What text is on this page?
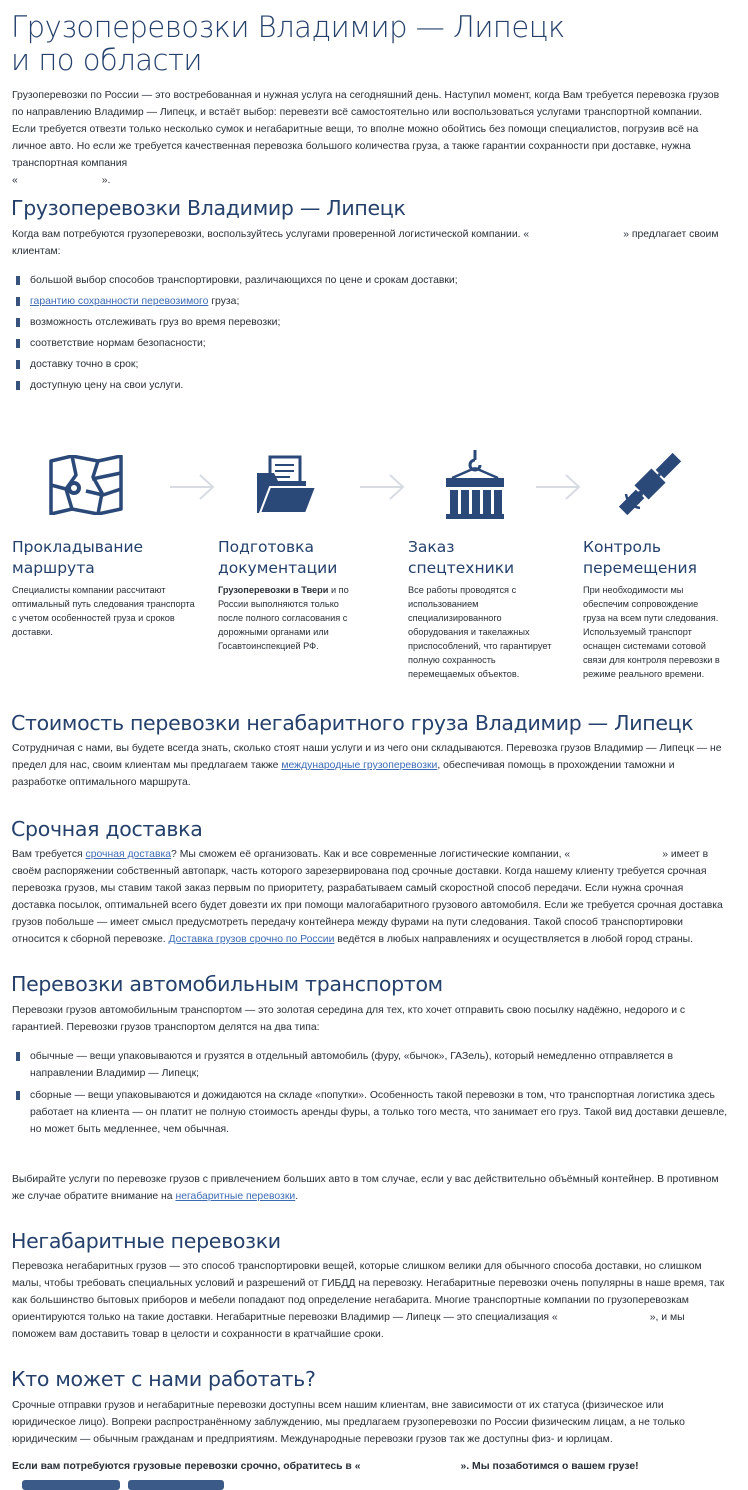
Грузоперевозки Владимир — Липецк
и по области

Грузоперевозки по России — это востребованная и нужная услуга на сегодняшний день. Наступил момент, когда Вам требуется перевозка грузов по направлению Владимир — Липецк, и встаёт выбор: перевезти всё самостоятельно или воспользоваться услугами транспортной компании. Если требуется отвезти только несколько сумок и негабаритные вещи, то вполне можно обойтись без помощи специалистов, погрузив всё на личное авто. Но если же требуется качественная перевозка большого количества груза, а также гарантии сохранности при доставке, нужна транспортная компания
«	».

Грузоперевозки Владимир — Липецк

Когда вам потребуются грузоперевозки, воспользуйтесь услугами проверенной логистической компании. «	» предлагает своим клиентам:

большой выбор способов транспортировки, различающихся по цене и срокам доставки;
гарантию сохранности перевозимого груза;
возможность отслеживать груз во время перевозки;
соответствие нормам безопасности;
доставку точно в срок;
доступную цену на свои услуги.

Прокладывание маршрута

Специалисты компании рассчитают оптимальный путь следования транспорта с учетом особенностей груза и сроков доставки.

Подготовка документации

Грузоперевозки в Твери и по России выполняются только после полного согласования с дорожными органами или Госавтоинспекцией РФ.

Заказ спецтехники

Все работы проводятся с использованием специализированного оборудования и такелажных приспособлений, что гарантирует полную сохранность перемещаемых объектов.

Контроль перемещения

При необходимости мы обеспечим сопровождение груза на всем пути следования. Используемый транспорт оснащен системами сотовой связи для контроля перевозки в режиме реального времени.

Стоимость перевозки негабаритного груза Владимир — Липецк

Сотрудничая с нами, вы будете всегда знать, сколько стоят наши услуги и из чего они складываются. Перевозка грузов Владимир — Липецк — не предел для нас, своим клиентам мы предлагаем также международные грузоперевозки, обеспечивая помощь в прохождении таможни и разработке оптимального маршрута.

Срочная доставка

Вам требуется срочная доставка? Мы сможем её организовать. Как и все современные логистические компании, «	» имеет в своём распоряжении собственный автопарк, часть которого зарезервирована под срочные доставки. Когда нашему клиенту требуется срочная перевозка грузов, мы ставим такой заказ первым по приоритету, разрабатываем самый скоростной способ передачи. Если нужна срочная доставка посылок, оптимальней всего будет довезти их при помощи малогабаритного грузового автомобиля. Если же требуется срочная доставка грузов побольше — имеет смысл предусмотреть передачу контейнера между фурами на пути следования. Такой способ транспортировки относится к сборной перевозке. Доставка грузов срочно по России ведётся в любых направлениях и осуществляется в любой город страны.

Перевозки автомобильным транспортом

Перевозки грузов автомобильным транспортом — это золотая середина для тех, кто хочет отправить свою посылку надёжно, недорого и с гарантией. Перевозки грузов транспортом делятся на два типа:

обычные — вещи упаковываются и грузятся в отдельный автомобиль (фуру, «бычок», ГАЗель), который немедленно отправляется в направлении Владимир — Липецк;
сборные — вещи упаковываются и дожидаются на складе «попутки». Особенность такой перевозки в том, что транспортная логистика здесь работает на клиента — он платит не полную стоимость аренды фуры, а только того места, что занимает его груз. Такой вид доставки дешевле, но может быть медленнее, чем обычная.

Выбирайте услуги по перевозке грузов с привлечением больших авто в том случае, если у вас действительно объёмный контейнер. В противном же случае обратите внимание на негабаритные перевозки.

Негабаритные перевозки

Перевозка негабаритных грузов — это способ транспортировки вещей, которые слишком велики для обычного способа доставки, но слишком малы, чтобы требовать специальных условий и разрешений от ГИБДД на перевозку. Негабаритные перевозки очень популярны в наше время, так как большинство бытовых приборов и мебели попадают под определение негабарита. Многие транспортные компании по грузоперевозкам ориентируются только на такие доставки. Негабаритные перевозки Владимир — Липецк — это специализация «	», и мы поможем вам доставить товар в целости и сохранности в кратчайшие сроки.

Кто может с нами работать?

Срочные отправки грузов и негабаритные перевозки доступны всем нашим клиентам, вне зависимости от их статуса (физическое или юридическое лицо). Вопреки распространённому заблуждению, мы предлагаем грузоперевозки по России физическим лицам, а не только юридическим — обычным гражданам и предприятиям. Международные перевозки грузов так же доступны физ- и юрлицам.

Если вам потребуются грузовые перевозки срочно, обратитесь в «	». Мы позаботимся о вашем грузе!
